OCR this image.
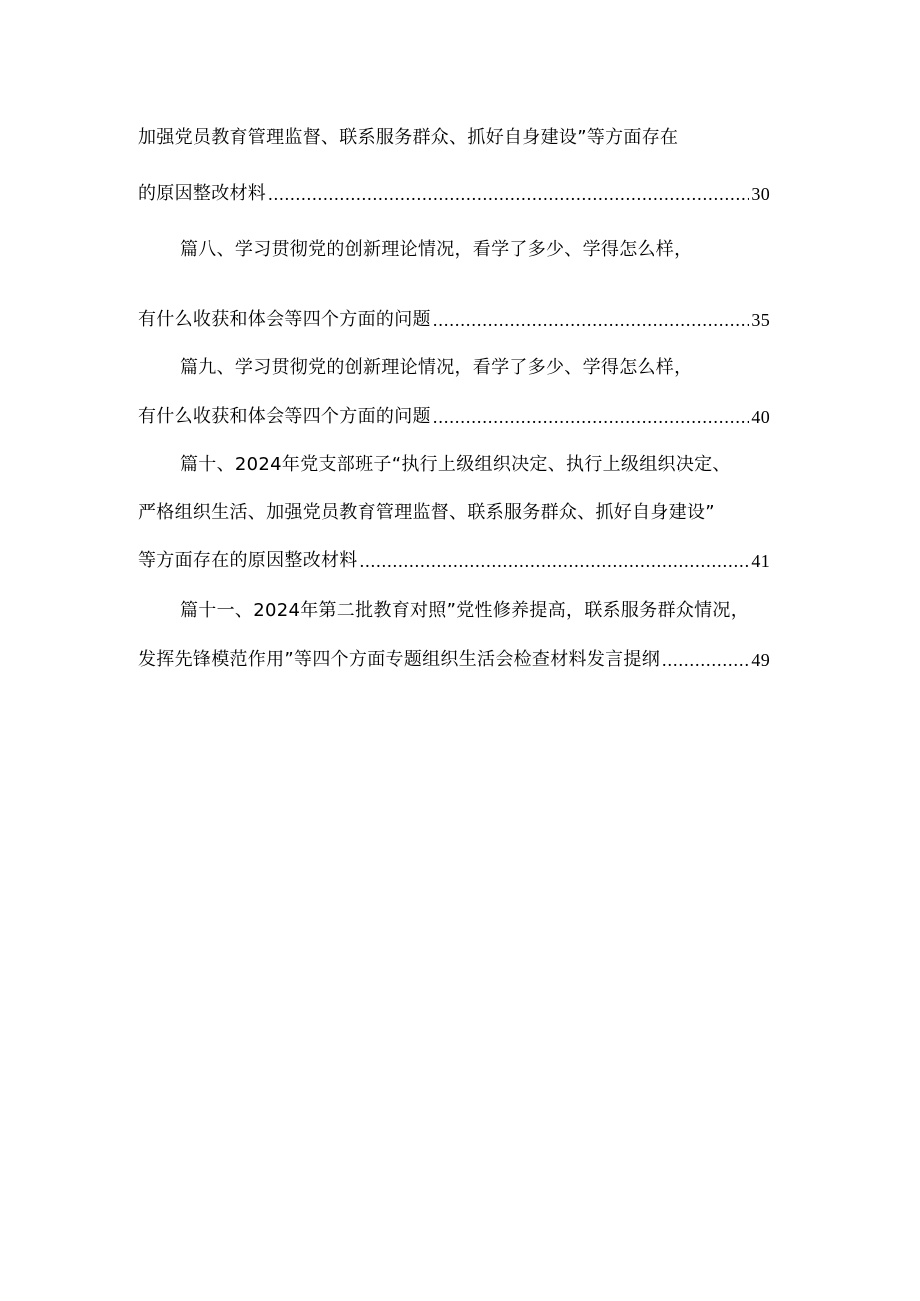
加强党员教育管理监督、联系服务群众、抓好自身建设”等方面存在
的原因整改材料 .....	30
篇八、学习贯彻党的创新理论情况，看学了多少、学得怎么样，
有什么收获和体会等四个方面的问题 .....	35
篇九、学习贯彻党的创新理论情况，看学了多少、学得怎么样，
有什么收获和体会等四个方面的问题 .....	40
篇十、2024年党支部班子“执行上级组织决定、执行上级组织决定、
严格组织生活、加强党员教育管理监督、联系服务群众、抓好自身建设”
等方面存在的原因整改材料 .....	41
篇十一、2024年第二批教育对照”党性修养提高，联系服务群众情况，
发挥先锋模范作用”等四个方面专题组织生活会检查材料发言提纲 .....	49
